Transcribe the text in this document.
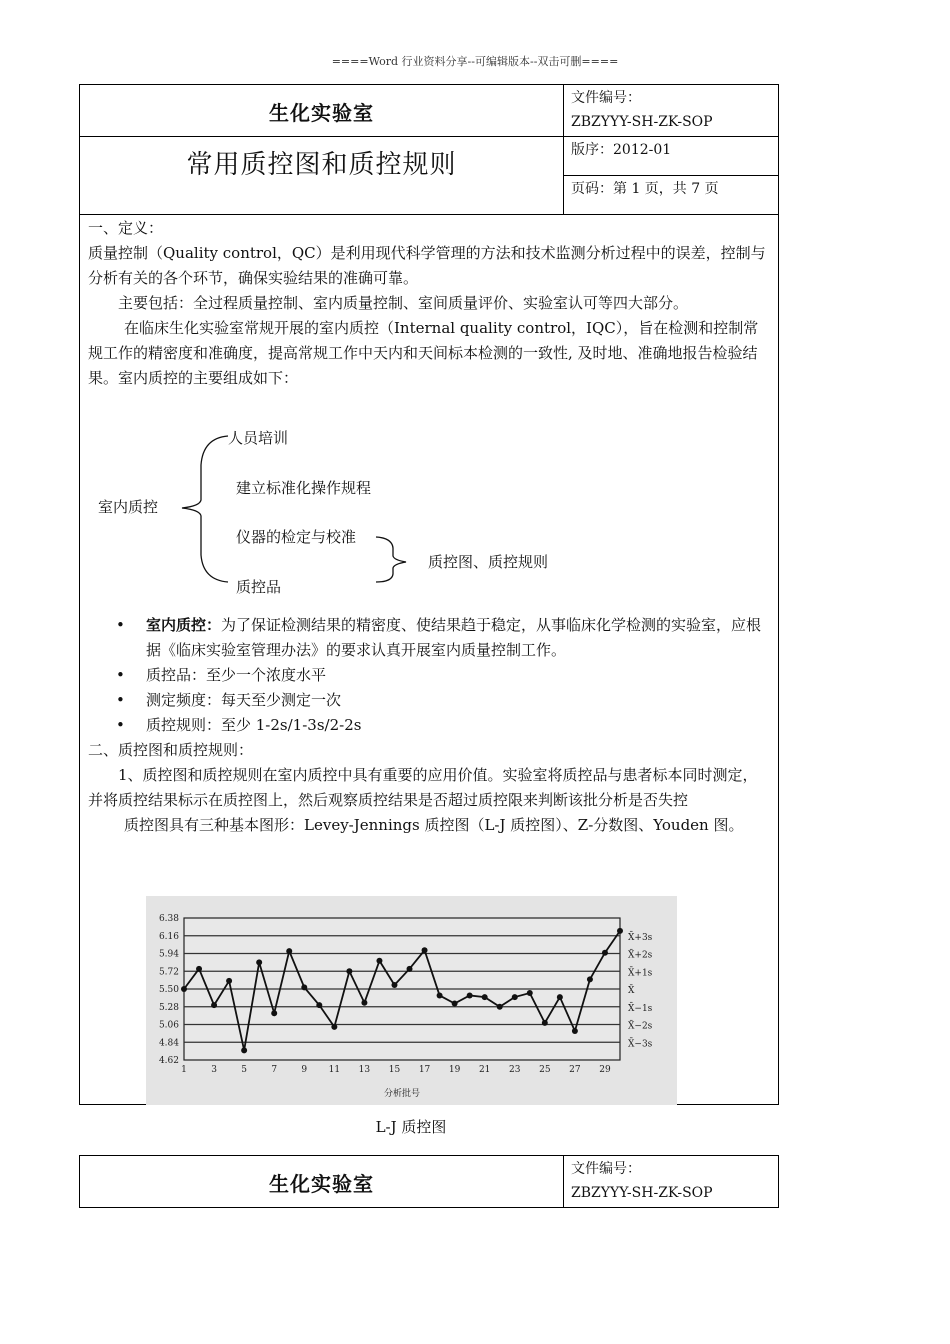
====Word 行业资料分享--可编辑版本--双击可删====
生化实验室
文件编号：
ZBZYYY-SH-ZK-SOP
常用质控图和质控规则	版序：2012-01
页码：第 1 页，共 7 页

一、定义：

质量控制（Quality control，QC）是利用现代科学管理的方法和技术监测分析过程中的误差，控制与分析有关的各个环节，确保实验结果的准确可靠。

主要包括：全过程质量控制、室内质量控制、室间质量评价、实验室认可等四大部分。

在临床生化实验室常规开展的室内质控（Internal quality control，IQC），旨在检测和控制常规工作的精密度和准确度，提高常规工作中天内和天间标本检测的一致性, 及时地、准确地报告检验结果。室内质控的主要组成如下：

室内质控
人员培训
建立标准化操作规程
仪器的检定与校准
质控品
质控图、质控规则
• 室内质控：为了保证检测结果的精密度、使结果趋于稳定，从事临床化学检测的实验室，应根据《临床实验室管理办法》的要求认真开展室内质量控制工作。
• 质控品：至少一个浓度水平
• 测定频度：每天至少测定一次
• 质控规则：至少 1-2s/1-3s/2-2s

二、质控图和质控规则：

1、质控图和质控规则在室内质控中具有重要的应用价值。实验室将质控品与患者标本同时测定，并将质控结果标示在质控图上，然后观察质控结果是否超过质控限来判断该批分析是否失控

质控图具有三种基本图形：Levey-Jennings 质控图（L-J 质控图）、Z-分数图、Youden 图。

X̄+3s
X̄+2s
X̄+1s
X̄
X̄−1s
X̄−2s
X̄−3s
6.38
6.16
5.94
5.72
5.50
5.28
5.06
4.84
4.62
1	3	5	7	9 11 13 15 17 19 21 23 25 27 29
分析批号
L-J 质控图
生化实验室
文件编号：
ZBZYYY-SH-ZK-SOP
